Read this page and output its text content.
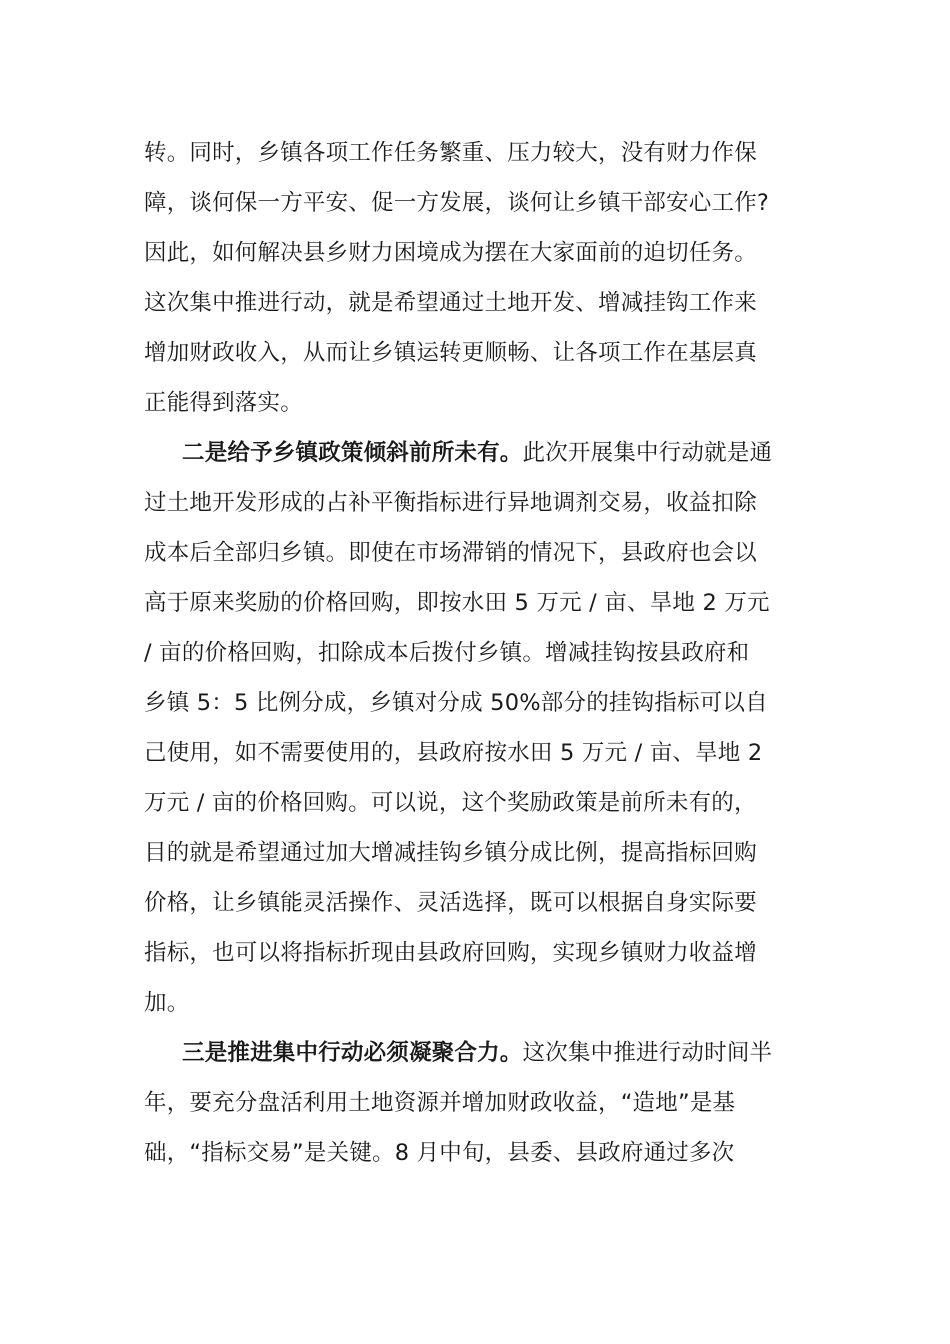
转。同时，乡镇各项工作任务繁重、压力较大，没有财力作保
障，谈何保一方平安、促一方发展，谈何让乡镇干部安心工作?
因此，如何解决县乡财力困境成为摆在大家面前的迫切任务。
这次集中推进行动，就是希望通过土地开发、增减挂钩工作来
增加财政收入，从而让乡镇运转更顺畅、让各项工作在基层真
正能得到落实。
二是给予乡镇政策倾斜前所未有。此次开展集中行动就是通
过土地开发形成的占补平衡指标进行异地调剂交易，收益扣除
成本后全部归乡镇。即使在市场滞销的情况下，县政府也会以
高于原来奖励的价格回购，即按水田 5 万元 / 亩、旱地 2 万元
/ 亩的价格回购，扣除成本后拨付乡镇。增减挂钩按县政府和
乡镇 5：5 比例分成，乡镇对分成 50%部分的挂钩指标可以自
己使用，如不需要使用的，县政府按水田 5 万元 / 亩、旱地 2
万元 / 亩的价格回购。可以说，这个奖励政策是前所未有的，
目的就是希望通过加大增减挂钩乡镇分成比例，提高指标回购
价格，让乡镇能灵活操作、灵活选择，既可以根据自身实际要
指标，也可以将指标折现由县政府回购，实现乡镇财力收益增
加。
三是推进集中行动必须凝聚合力。这次集中推进行动时间半
年，要充分盘活利用土地资源并增加财政收益，“造地”是基
础，“指标交易”是关键。8 月中旬，县委、县政府通过多次
